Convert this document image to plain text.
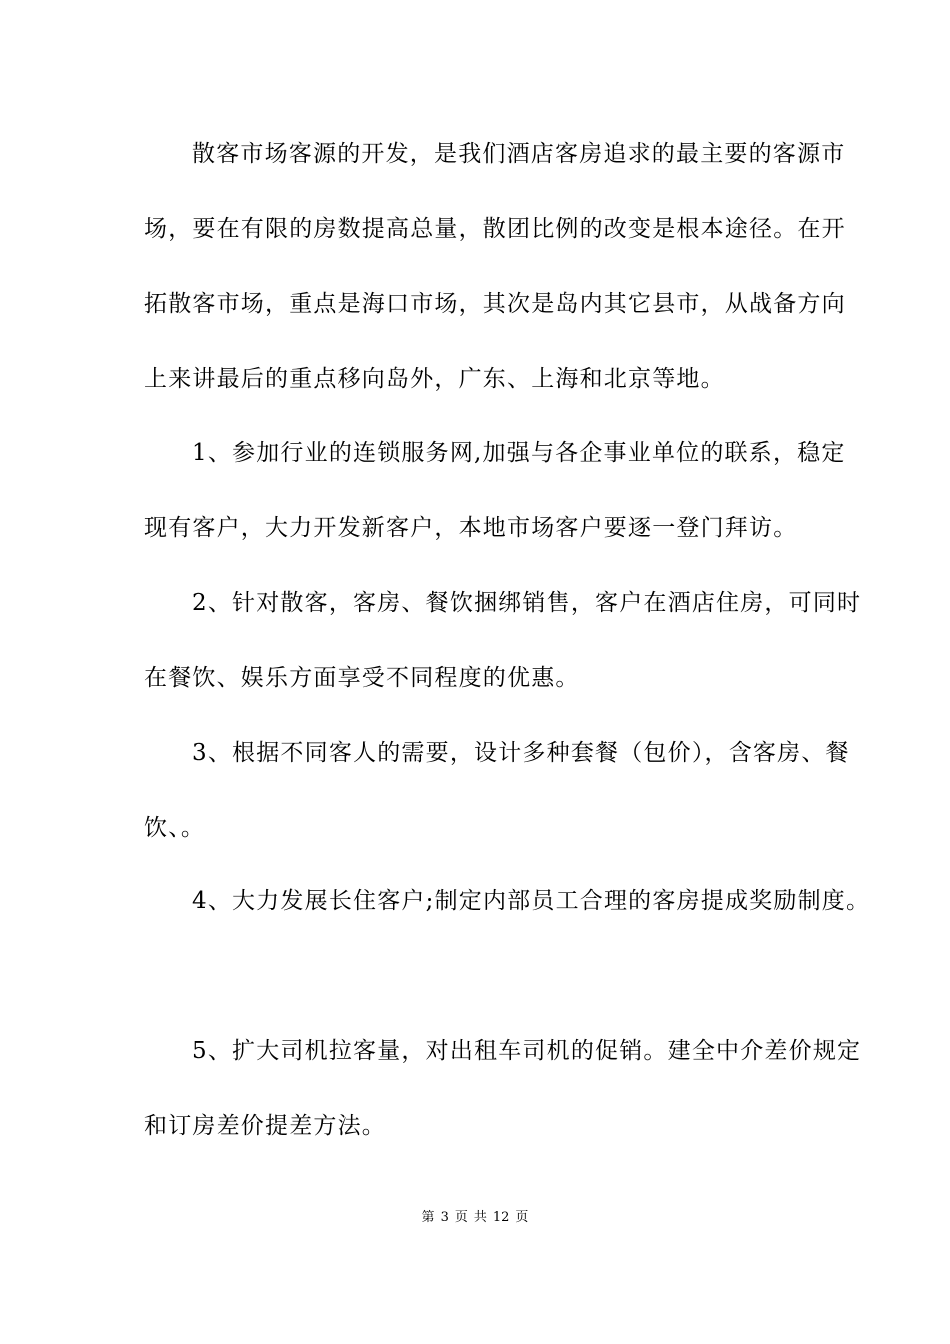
散客市场客源的开发，是我们酒店客房追求的最主要的客源市
场，要在有限的房数提高总量，散团比例的改变是根本途径。在开
拓散客市场，重点是海口市场，其次是岛内其它县市，从战备方向
上来讲最后的重点移向岛外，广东、上海和北京等地。
1、参加行业的连锁服务网,加强与各企事业单位的联系，稳定
现有客户，大力开发新客户，本地市场客户要逐一登门拜访。
2、针对散客，客房、餐饮捆绑销售，客户在酒店住房，可同时
在餐饮、娱乐方面享受不同程度的优惠。
3、根据不同客人的需要，设计多种套餐（包价），含客房、餐
饮、。
4、大力发展长住客户;制定内部员工合理的客房提成奖励制度。
5、扩大司机拉客量，对出租车司机的促销。建全中介差价规定
和订房差价提差方法。
第 3 页 共 12 页
